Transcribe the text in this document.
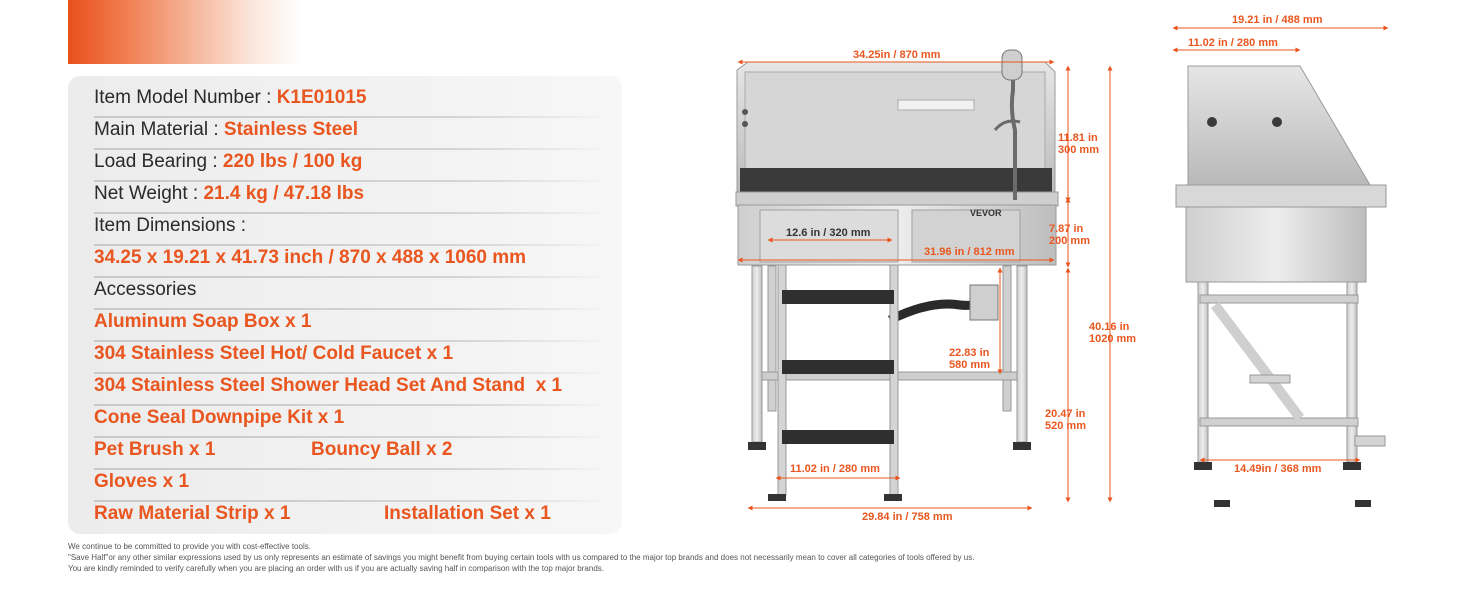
Item Model Number :
K1E01015
Main Material :
Stainless Steel
Load Bearing :
220 lbs / 100 kg
Net Weight :
21.4 kg / 47.18 lbs
Item Dimensions :
34.25 x 19.21 x 41.73 inch / 870 x 488 x 1060 mm
Accessories
Aluminum Soap Box x 1
304 Stainless Steel Hot/ Cold Faucet x 1
304 Stainless Steel Shower Head Set And Stand  x 1
Cone Seal Downpipe Kit x 1
Pet Brush x 1	Bouncy Ball x 2
Gloves x 1
Raw Material Strip x 1	Installation Set x 1
We continue to be committed to provide you with cost-effective tools.
"Save Half"or any other similar expressions used by us only represents an estimate of savings you might benefit from buying certain tools with us compared to the major top brands and does not necessarily mean to cover all categories of tools offered by us.
You are kindly reminded to verify carefully when you are placing an order with us if you are actually saving half in comparison with the top major brands.
VEVOR
34.25in / 870 mm
11.81 in
300 mm
7.87 in
200 mm
40.16 in
1020 mm
12.6 in / 320 mm
31.96 in / 812 mm
22.83 in
580 mm
20.47 in
520 mm
11.02 in / 280 mm
29.84 in / 758 mm
19.21 in / 488 mm
11.02 in / 280 mm
14.49in / 368 mm
